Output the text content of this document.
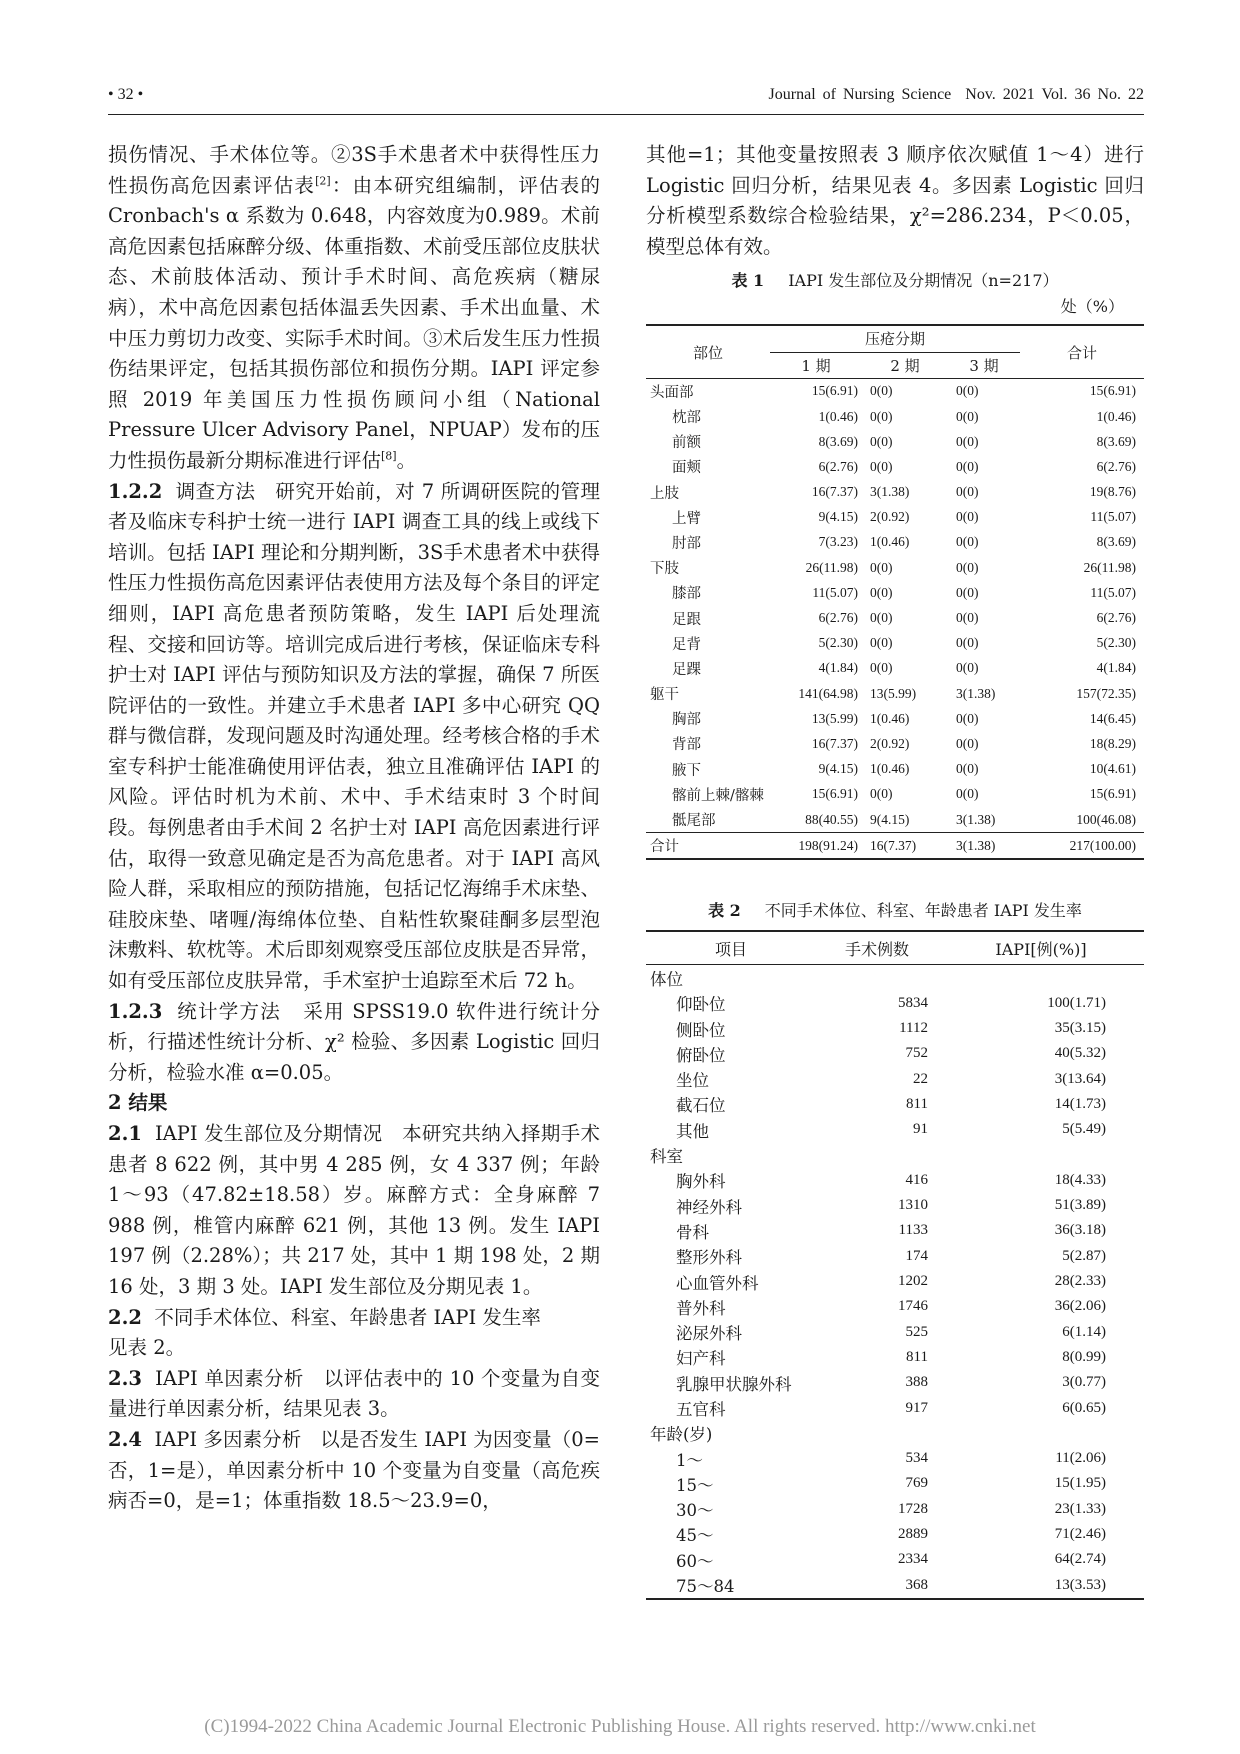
• 32 •	Journal of Nursing Science Nov. 2021 Vol. 36 No. 22

损伤情况、手术体位等。②3S手术患者术中获得性压力性损伤高危因素评估表[2]：由本研究组编制，评估表的 Cronbach's α 系数为 0.648，内容效度为0.989。术前高危因素包括麻醉分级、体重指数、术前受压部位皮肤状态、术前肢体活动、预计手术时间、高危疾病（糖尿病），术中高危因素包括体温丢失因素、手术出血量、术中压力剪切力改变、实际手术时间。③术后发生压力性损伤结果评定，包括其损伤部位和损伤分期。IAPI 评定参照 2019 年美国压力性损伤顾问小组（National Pressure Ulcer Advisory Panel，NPUAP）发布的压力性损伤最新分期标准进行评估[8]。

1.2.2 调查方法 研究开始前，对 7 所调研医院的管理者及临床专科护士统一进行 IAPI 调查工具的线上或线下培训。包括 IAPI 理论和分期判断，3S手术患者术中获得性压力性损伤高危因素评估表使用方法及每个条目的评定细则，IAPI 高危患者预防策略，发生 IAPI 后处理流程、交接和回访等。培训完成后进行考核，保证临床专科护士对 IAPI 评估与预防知识及方法的掌握，确保 7 所医院评估的一致性。并建立手术患者 IAPI 多中心研究 QQ 群与微信群，发现问题及时沟通处理。经考核合格的手术室专科护士能准确使用评估表，独立且准确评估 IAPI 的风险。评估时机为术前、术中、手术结束时 3 个时间段。每例患者由手术间 2 名护士对 IAPI 高危因素进行评估，取得一致意见确定是否为高危患者。对于 IAPI 高风险人群，采取相应的预防措施，包括记忆海绵手术床垫、硅胶床垫、啫喱/海绵体位垫、自粘性软聚硅酮多层型泡沫敷料、软枕等。术后即刻观察受压部位皮肤是否异常，如有受压部位皮肤异常，手术室护士追踪至术后 72 h。

1.2.3 统计学方法 采用 SPSS19.0 软件进行统计分析，行描述性统计分析、χ² 检验、多因素 Logistic 回归分析，检验水准 α=0.05。

2 结果

2.1 IAPI 发生部位及分期情况 本研究共纳入择期手术患者 8 622 例，其中男 4 285 例，女 4 337 例；年龄 1～93（47.82±18.58）岁。麻醉方式：全身麻醉 7 988 例，椎管内麻醉 621 例，其他 13 例。发生 IAPI 197 例（2.28%）；共 217 处，其中 1 期 198 处，2 期 16 处，3 期 3 处。IAPI 发生部位及分期见表 1。

2.2 不同手术体位、科室、年龄患者 IAPI 发生率
见表 2。

2.3 IAPI 单因素分析 以评估表中的 10 个变量为自变量进行单因素分析，结果见表 3。

2.4 IAPI 多因素分析 以是否发生 IAPI 为因变量（0=否，1=是），单因素分析中 10 个变量为自变量（高危疾病否=0，是=1；体重指数 18.5～23.9=0，

其他=1；其他变量按照表 3 顺序依次赋值 1～4）进行 Logistic 回归分析，结果见表 4。多因素 Logistic 回归分析模型系数综合检验结果，χ²=286.234，P＜0.05，模型总体有效。

表 1 IAPI 发生部位及分期情况（n=217）

处（%）

部位	压疮分期			合计
	1 期	2 期	3 期	
头面部	15(6.91)	0(0)	0(0)	15(6.91)
枕部	1(0.46)	0(0)	0(0)	1(0.46)
前额	8(3.69)	0(0)	0(0)	8(3.69)
面颊	6(2.76)	0(0)	0(0)	6(2.76)
上肢	16(7.37)	3(1.38)	0(0)	19(8.76)
上臂	9(4.15)	2(0.92)	0(0)	11(5.07)
肘部	7(3.23)	1(0.46)	0(0)	8(3.69)
下肢	26(11.98)	0(0)	0(0)	26(11.98)
膝部	11(5.07)	0(0)	0(0)	11(5.07)
足跟	6(2.76)	0(0)	0(0)	6(2.76)
足背	5(2.30)	0(0)	0(0)	5(2.30)
足踝	4(1.84)	0(0)	0(0)	4(1.84)
躯干	141(64.98)	13(5.99)	3(1.38)	157(72.35)
胸部	13(5.99)	1(0.46)	0(0)	14(6.45)
背部	16(7.37)	2(0.92)	0(0)	18(8.29)
腋下	9(4.15)	1(0.46)	0(0)	10(4.61)
髂前上棘/髂棘	15(6.91)	0(0)	0(0)	15(6.91)
骶尾部	88(40.55)	9(4.15)	3(1.38)	100(46.08)
合计	198(91.24)	16(7.37)	3(1.38)	217(100.00)

表 2 不同手术体位、科室、年龄患者 IAPI 发生率

项目	手术例数	IAPI[例(%)]
体位		
仰卧位	5834	100(1.71)
侧卧位	1112	35(3.15)
俯卧位	752	40(5.32)
坐位	22	3(13.64)
截石位	811	14(1.73)
其他	91	5(5.49)
科室		
胸外科	416	18(4.33)
神经外科	1310	51(3.89)
骨科	1133	36(3.18)
整形外科	174	5(2.87)
心血管外科	1202	28(2.33)
普外科	1746	36(2.06)
泌尿外科	525	6(1.14)
妇产科	811	8(0.99)
乳腺甲状腺外科	388	3(0.77)
五官科	917	6(0.65)
年龄(岁)		
1～	534	11(2.06)
15～	769	15(1.95)
30～	1728	23(1.33)
45～	2889	71(2.46)
60～	2334	64(2.74)
75～84	368	13(3.53)
(C)1994-2022 China Academic Journal Electronic Publishing House. All rights reserved. http://www.cnki.net
